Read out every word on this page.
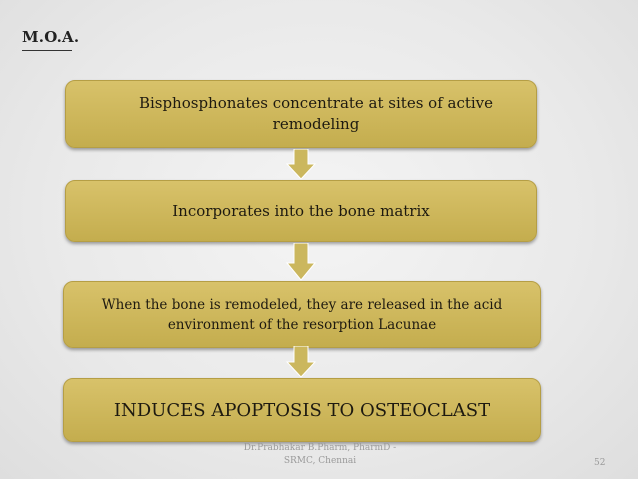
M.O.A.
Bisphosphonates concentrate at sites of active
remodeling
Incorporates into the bone matrix
When the bone is remodeled, they are released in the acid
environment of the resorption Lacunae
INDUCES APOPTOSIS TO OSTEOCLAST
Dr.Prabhakar B.Pharm, PharmD -
SRMC, Chennai	52
